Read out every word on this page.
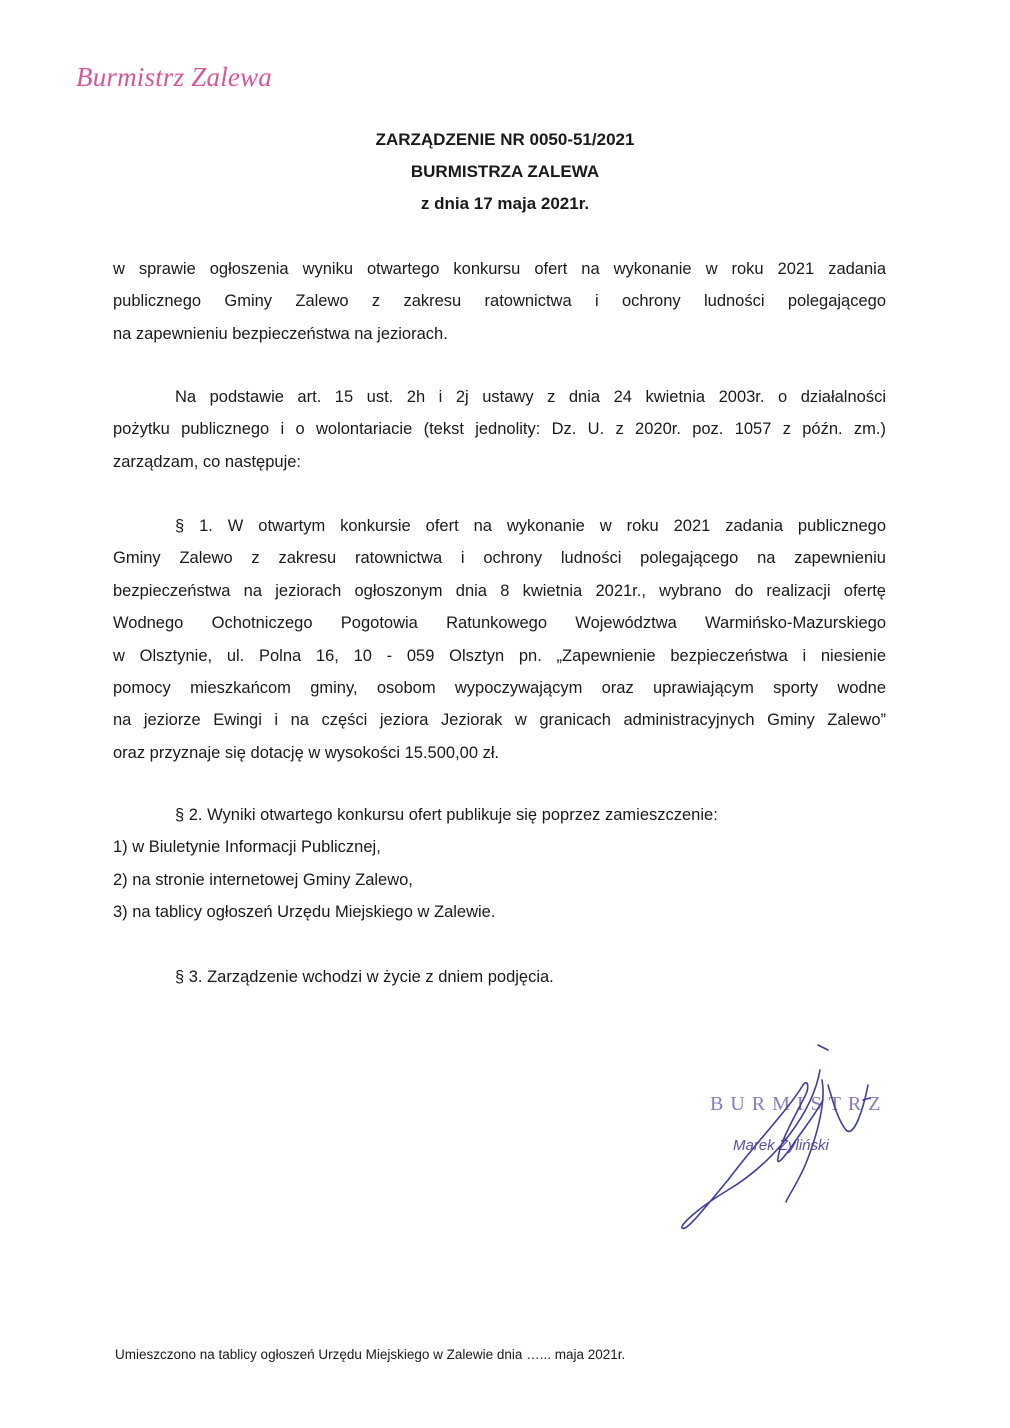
Burmistrz Zalewa
ZARZĄDZENIE NR 0050-51/2021
BURMISTRZA ZALEWA
z dnia 17 maja 2021r.
w sprawie ogłoszenia wyniku otwartego konkursu ofert na wykonanie w roku 2021 zadania
publicznego Gminy Zalewo z zakresu ratownictwa i ochrony ludności polegającego
na zapewnieniu bezpieczeństwa na jeziorach.
Na podstawie art. 15 ust. 2h i 2j ustawy z dnia 24 kwietnia 2003r. o działalności
pożytku publicznego i o wolontariacie (tekst jednolity: Dz. U. z 2020r. poz. 1057 z późn. zm.)
zarządzam, co następuje:
§ 1. W otwartym konkursie ofert na wykonanie w roku 2021 zadania publicznego
Gminy Zalewo z zakresu ratownictwa i ochrony ludności polegającego na zapewnieniu
bezpieczeństwa na jeziorach ogłoszonym dnia 8 kwietnia 2021r., wybrano do realizacji ofertę
Wodnego Ochotniczego Pogotowia Ratunkowego Województwa Warmińsko-Mazurskiego
w Olsztynie, ul. Polna 16, 10 - 059 Olsztyn pn. „Zapewnienie bezpieczeństwa i niesienie
pomocy mieszkańcom gminy, osobom wypoczywającym oraz uprawiającym sporty wodne
na jeziorze Ewingi i na części jeziora Jeziorak w granicach administracyjnych Gminy Zalewo”
oraz przyznaje się dotację w wysokości 15.500,00 zł.
§ 2. Wyniki otwartego konkursu ofert publikuje się poprzez zamieszczenie:
1) w Biuletynie Informacji Publicznej,
2) na stronie internetowej Gminy Zalewo,
3) na tablicy ogłoszeń Urzędu Miejskiego w Zalewie.
§ 3. Zarządzenie wchodzi w życie z dniem podjęcia.
BURMISTRZ
Marek Żyliński
Umieszczono na tablicy ogłoszeń Urzędu Miejskiego w Zalewie dnia …... maja 2021r.
